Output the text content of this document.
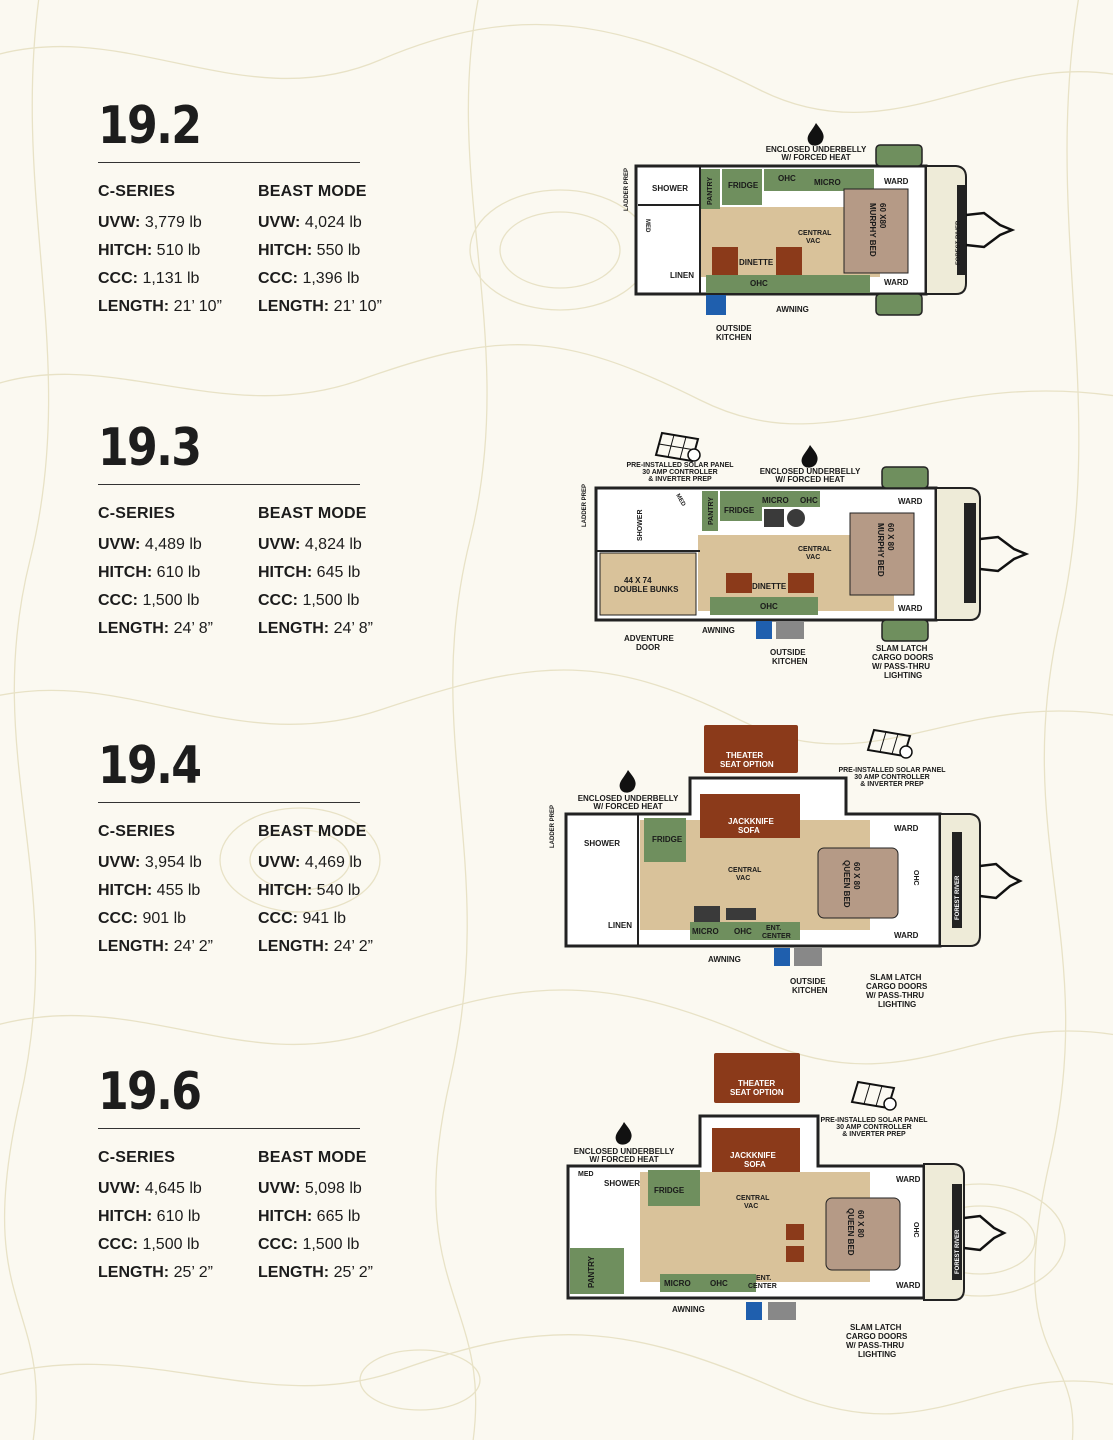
19.2
C-SERIES
UVW: 3,779 lb
HITCH: 510 lb
CCC: 1,131 lb
LENGTH: 21’ 10”
BEAST MODE
UVW: 4,024 lb
HITCH: 550 lb
CCC: 1,396 lb
LENGTH: 21’ 10”
19.3
C-SERIES
UVW: 4,489 lb
HITCH: 610 lb
CCC: 1,500 lb
LENGTH: 24’ 8”
BEAST MODE
UVW: 4,824 lb
HITCH: 645 lb
CCC: 1,500 lb
LENGTH: 24’ 8”
19.4
C-SERIES
UVW: 3,954 lb
HITCH: 455 lb
CCC: 901 lb
LENGTH: 24’ 2”
BEAST MODE
UVW: 4,469 lb
HITCH: 540 lb
CCC: 941 lb
LENGTH: 24’ 2”
19.6
C-SERIES
UVW: 4,645 lb
HITCH: 610 lb
CCC: 1,500 lb
LENGTH: 25’ 2”
BEAST MODE
UVW: 5,098 lb
HITCH: 665 lb
CCC: 1,500 lb
LENGTH: 25’ 2”
ENCLOSED UNDERBELLY
W/ FORCED HEAT
FOREST RIVER
PANTRY FRIDGE
OHC MICRO
OHC
DINETTE
60 X80
MURPHY BED
WARD
WARD
CENTRAL
VAC
SHOWER
MED
LINEN
LADDER PREP
AWNING
OUTSIDE
KITCHEN
PRE-INSTALLED SOLAR PANEL
30 AMP CONTROLLER
& INVERTER PREP
ENCLOSED UNDERBELLY
W/ FORCED HEAT
44 X 74
DOUBLE BUNKS
SHOWER
MED	PANTRY FRIDGE
MICRO OHC
DINETTE
OHC
CENTRAL
VAC
60 X 80
MURPHY BED
WARD
WARD
LADDER PREP
AWNING
ADVENTURE
DOOR
OUTSIDE
KITCHEN
SLAM LATCH
CARGO DOORS
W/ PASS-THRU
LIGHTING
THEATER
SEAT OPTION
PRE-INSTALLED SOLAR PANEL
30 AMP CONTROLLER
& INVERTER PREP
ENCLOSED UNDERBELLY
W/ FORCED HEAT
FOREST RIVER
JACKKNIFE
SOFA
FRIDGE
SHOWER
LINEN
LADDER PREP
CENTRAL
VAC
MICRO OHC ENT.
CENTER
60 X 80
QUEEN BED
WARD
WARD
OHC
AWNING
OUTSIDE
KITCHEN
SLAM LATCH
CARGO DOORS
W/ PASS-THRU
LIGHTING
THEATER
SEAT OPTION
PRE-INSTALLED SOLAR PANEL
30 AMP CONTROLLER
& INVERTER PREP
ENCLOSED UNDERBELLY
W/ FORCED HEAT
FOREST RIVER
JACKKNIFE
SOFA
FRIDGE
MED
SHOWER
PANTRY
CENTRAL
VAC
MICRO OHC
ENT.
CENTER
60 X 80
QUEEN BED
WARD
WARD
OHC
AWNING
SLAM LATCH
CARGO DOORS
W/ PASS-THRU
LIGHTING
